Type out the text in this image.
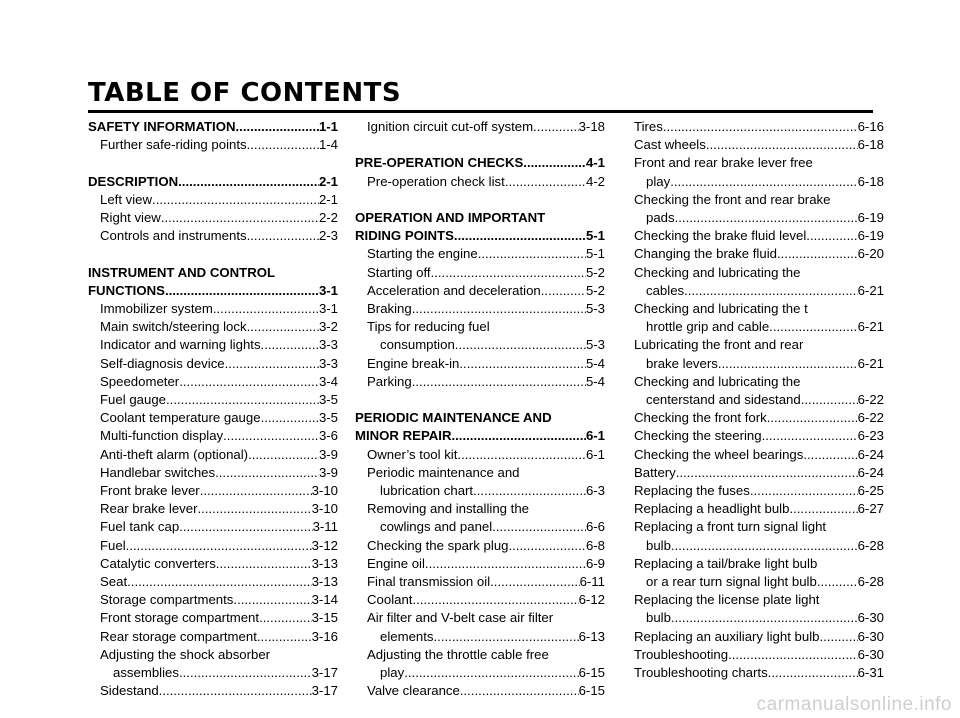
TABLE OF CONTENTS
SAFETY INFORMATION .....	1-1
Further safe-riding points .....	1-4
DESCRIPTION .....	2-1
Left view .....	2-1
Right view .....	2-2
Controls and instruments .....	2-3
INSTRUMENT AND CONTROL
FUNCTIONS .....	3-1
Immobilizer system .....	3-1
Main switch/steering lock .....	3-2
Indicator and warning lights .....	3-3
Self-diagnosis device .....	3-3
Speedometer .....	3-4
Fuel gauge .....	3-5
Coolant temperature gauge .....	3-5
Multi-function display .....	3-6
Anti-theft alarm (optional) .....	3-9
Handlebar switches .....	3-9
Front brake lever .....	3-10
Rear brake lever .....	3-10
Fuel tank cap .....	3-11
Fuel .....	3-12
Catalytic converters .....	3-13
Seat .....	3-13
Storage compartments .....	3-14
Front storage compartment .....	3-15
Rear storage compartment .....	3-16
Adjusting the shock absorber
assemblies .....	3-17
Sidestand .....	3-17
Ignition circuit cut-off system .....	3-18
PRE-OPERATION CHECKS .....	4-1
Pre-operation check list .....	4-2
OPERATION AND IMPORTANT
RIDING POINTS .....	5-1
Starting the engine .....	5-1
Starting off .....	5-2
Acceleration and deceleration .....	5-2
Braking .....	5-3
Tips for reducing fuel
consumption .....	5-3
Engine break-in .....	5-4
Parking .....	5-4
PERIODIC MAINTENANCE AND
MINOR REPAIR .....	6-1
Owner’s tool kit .....	6-1
Periodic maintenance and
lubrication chart .....	6-3
Removing and installing the
cowlings and panel .....	6-6
Checking the spark plug .....	6-8
Engine oil .....	6-9
Final transmission oil .....	6-11
Coolant .....	6-12
Air filter and V-belt case air filter
elements .....	6-13
Adjusting the throttle cable free
play .....	6-15
Valve clearance .....	6-15
Tires .....	6-16
Cast wheels .....	6-18
Front and rear brake lever free
play .....	6-18
Checking the front and rear brake
pads .....	6-19
Checking the brake fluid level .....	6-19
Changing the brake fluid .....	6-20
Checking and lubricating the
cables .....	6-21
Checking and lubricating the t
hrottle grip and cable .....	6-21
Lubricating the front and rear
brake levers .....	6-21
Checking and lubricating the
centerstand and sidestand .....	6-22
Checking the front fork .....	6-22
Checking the steering .....	6-23
Checking the wheel bearings .....	6-24
Battery .....	6-24
Replacing the fuses .....	6-25
Replacing a headlight bulb .....	6-27
Replacing a front turn signal light
bulb .....	6-28
Replacing a tail/brake light bulb
or a rear turn signal light bulb .....	6-28
Replacing the license plate light
bulb .....	6-30
Replacing an auxiliary light bulb .....	6-30
Troubleshooting .....	6-30
Troubleshooting charts .....	6-31
carmanualsonline.info
